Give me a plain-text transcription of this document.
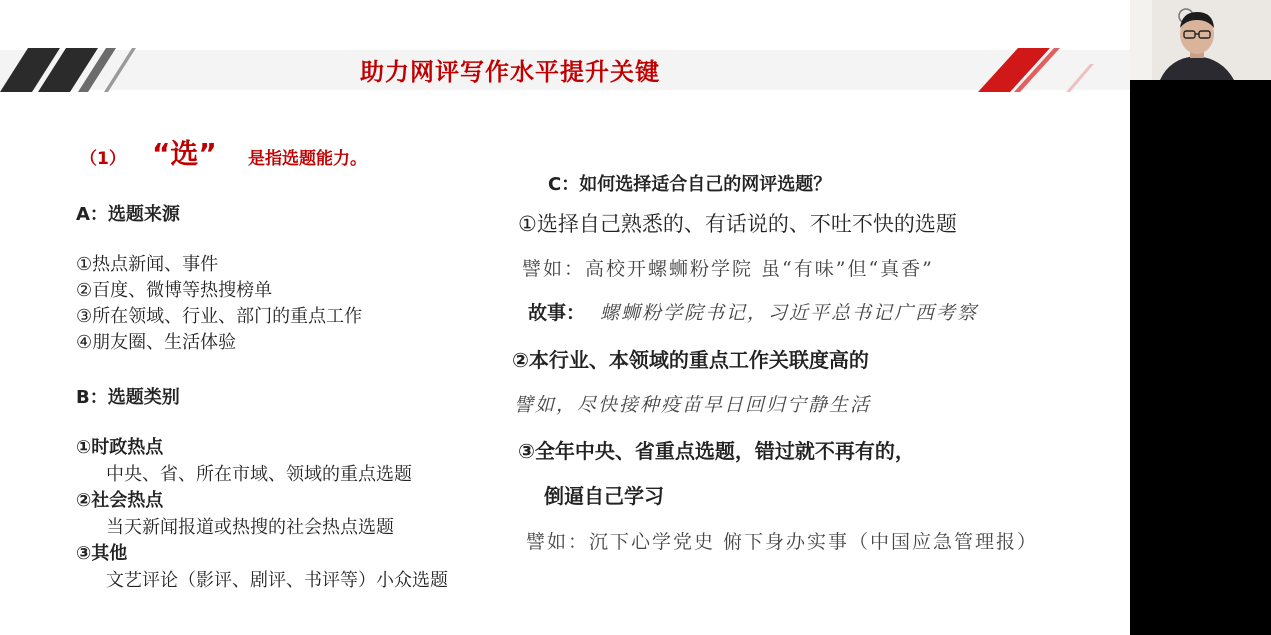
助力网评写作水平提升关键
（1） “选” 是指选题能力。
A：选题来源
①热点新闻、事件
②百度、微博等热搜榜单
③所在领域、行业、部门的重点工作
④朋友圈、生活体验
B：选题类别
①时政热点
中央、省、所在市域、领域的重点选题
②社会热点
当天新闻报道或热搜的社会热点选题
③其他
文艺评论（影评、剧评、书评等）小众选题
C：如何选择适合自己的网评选题？
①选择自己熟悉的、有话说的、不吐不快的选题
譬如：高校开螺蛳粉学院 虽“有味”但“真香”
故事： 螺蛳粉学院书记，习近平总书记广西考察
②本行业、本领域的重点工作关联度高的
譬如，尽快接种疫苗早日回归宁静生活
③全年中央、省重点选题，错过就不再有的，
倒逼自己学习
譬如：沉下心学党史 俯下身办实事（中国应急管理报）
